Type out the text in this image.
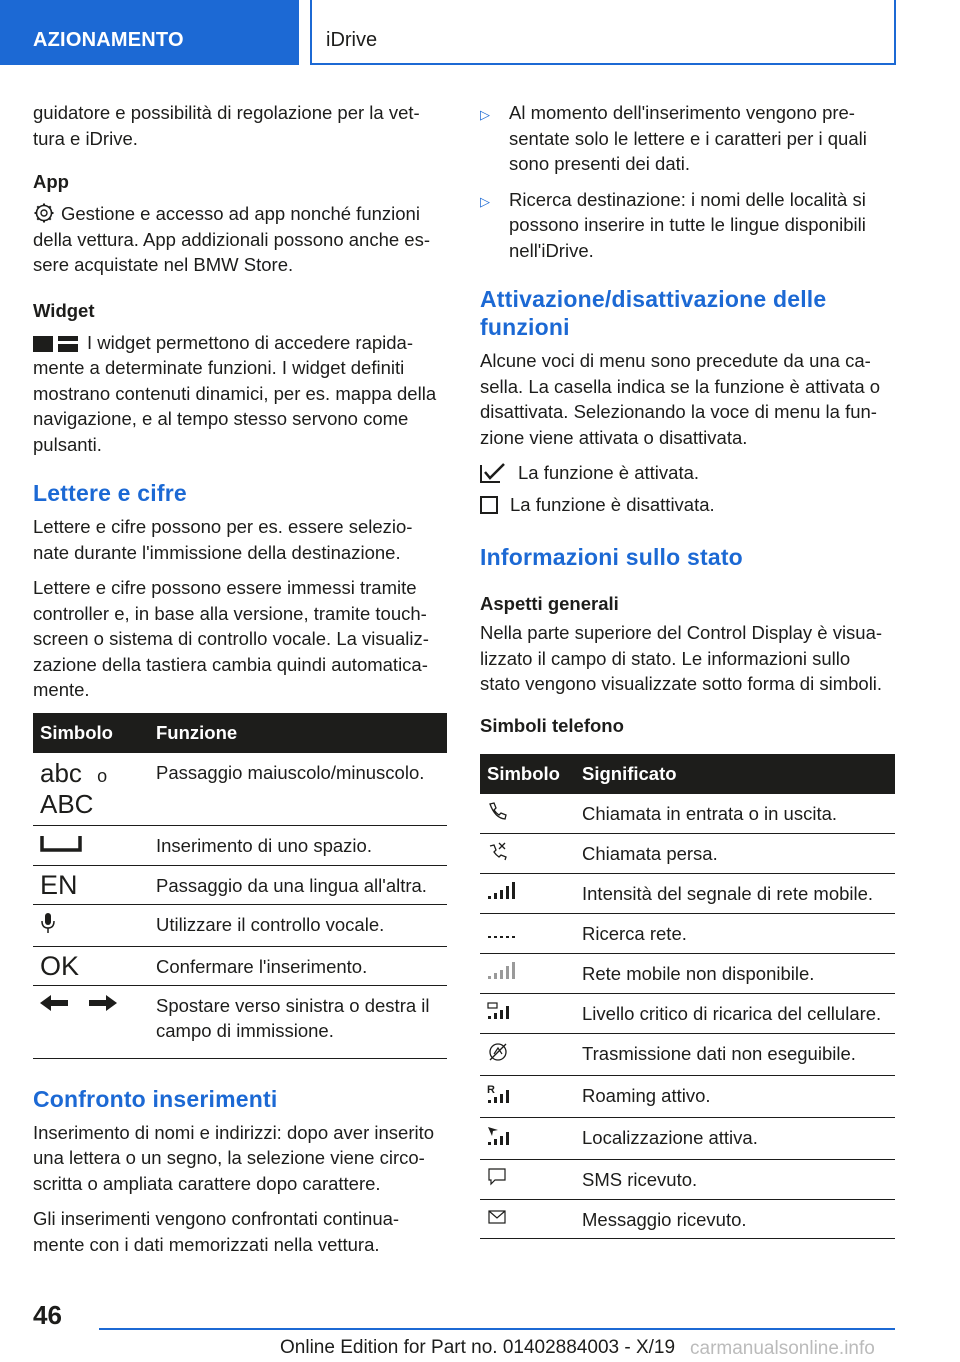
AZIONAMENTO	iDrive

guidatore e possibilità di regolazione per la vet-tura e iDrive.

App

Gestione e accesso ad app nonché funzioni della vettura. App addizionali possono anche es-sere acquistate nel BMW Store.

Widget

I widget permettono di accedere rapida-mente a determinate funzioni. I widget definiti mostrano contenuti dinamici, per es. mappa della navigazione, e al tempo stesso servono come pulsanti.

Lettere e cifre

Lettere e cifre possono per es. essere selezio-nate durante l'immissione della destinazione.

Lettere e cifre possono essere immessi tramite controller e, in base alla versione, tramite touch-screen o sistema di controllo vocale. La visualiz-zazione della tastiera cambia quindi automatica-mente.

Simbolo	Funzione

abc o
ABC	Passaggio maiuscolo/minuscolo.
	Inserimento di uno spazio.
EN	Passaggio da una lingua all'altra.
	Utilizzare il controllo vocale.
OK	Confermare l'inserimento.
	Spostare verso sinistra o destra il campo di immissione.
Confronto inserimenti

Inserimento di nomi e indirizzi: dopo aver inserito una lettera o un segno, la selezione viene circo-scritta o ampliata carattere dopo carattere.

Gli inserimenti vengono confrontati continua-mente con i dati memorizzati nella vettura.

▷	Al momento dell'inserimento vengono pre-sentate solo le lettere e i caratteri per i quali sono presenti dei dati.
▷	Ricerca destinazione: i nomi delle località si possono inserire in tutte le lingue disponibili nell'iDrive.
Attivazione/disattivazione delle funzioni

Alcune voci di menu sono precedute da una ca-sella. La casella indica se la funzione è attivata o disattivata. Selezionando la voce di menu la fun-zione viene attivata o disattivata.

La funzione è attivata.
La funzione è disattivata.
Informazioni sullo stato
Aspetti generali

Nella parte superiore del Control Display è visua-lizzato il campo di stato. Le informazioni sullo stato vengono visualizzate sotto forma di simboli.

Simboli telefono
Simbolo	Significato
	Chiamata in entrata o in uscita.
	Chiamata persa.
	Intensità del segnale di rete mobile.
	Ricerca rete.
	Rete mobile non disponibile.
	Livello critico di ricarica del cellulare.
	Trasmissione dati non eseguibile.

R	Roaming attivo.
	Localizzazione attiva.
	SMS ricevuto.
	Messaggio ricevuto.
46
Online Edition for Part no. 01402884003 - X/19 carmanualsonline.info
